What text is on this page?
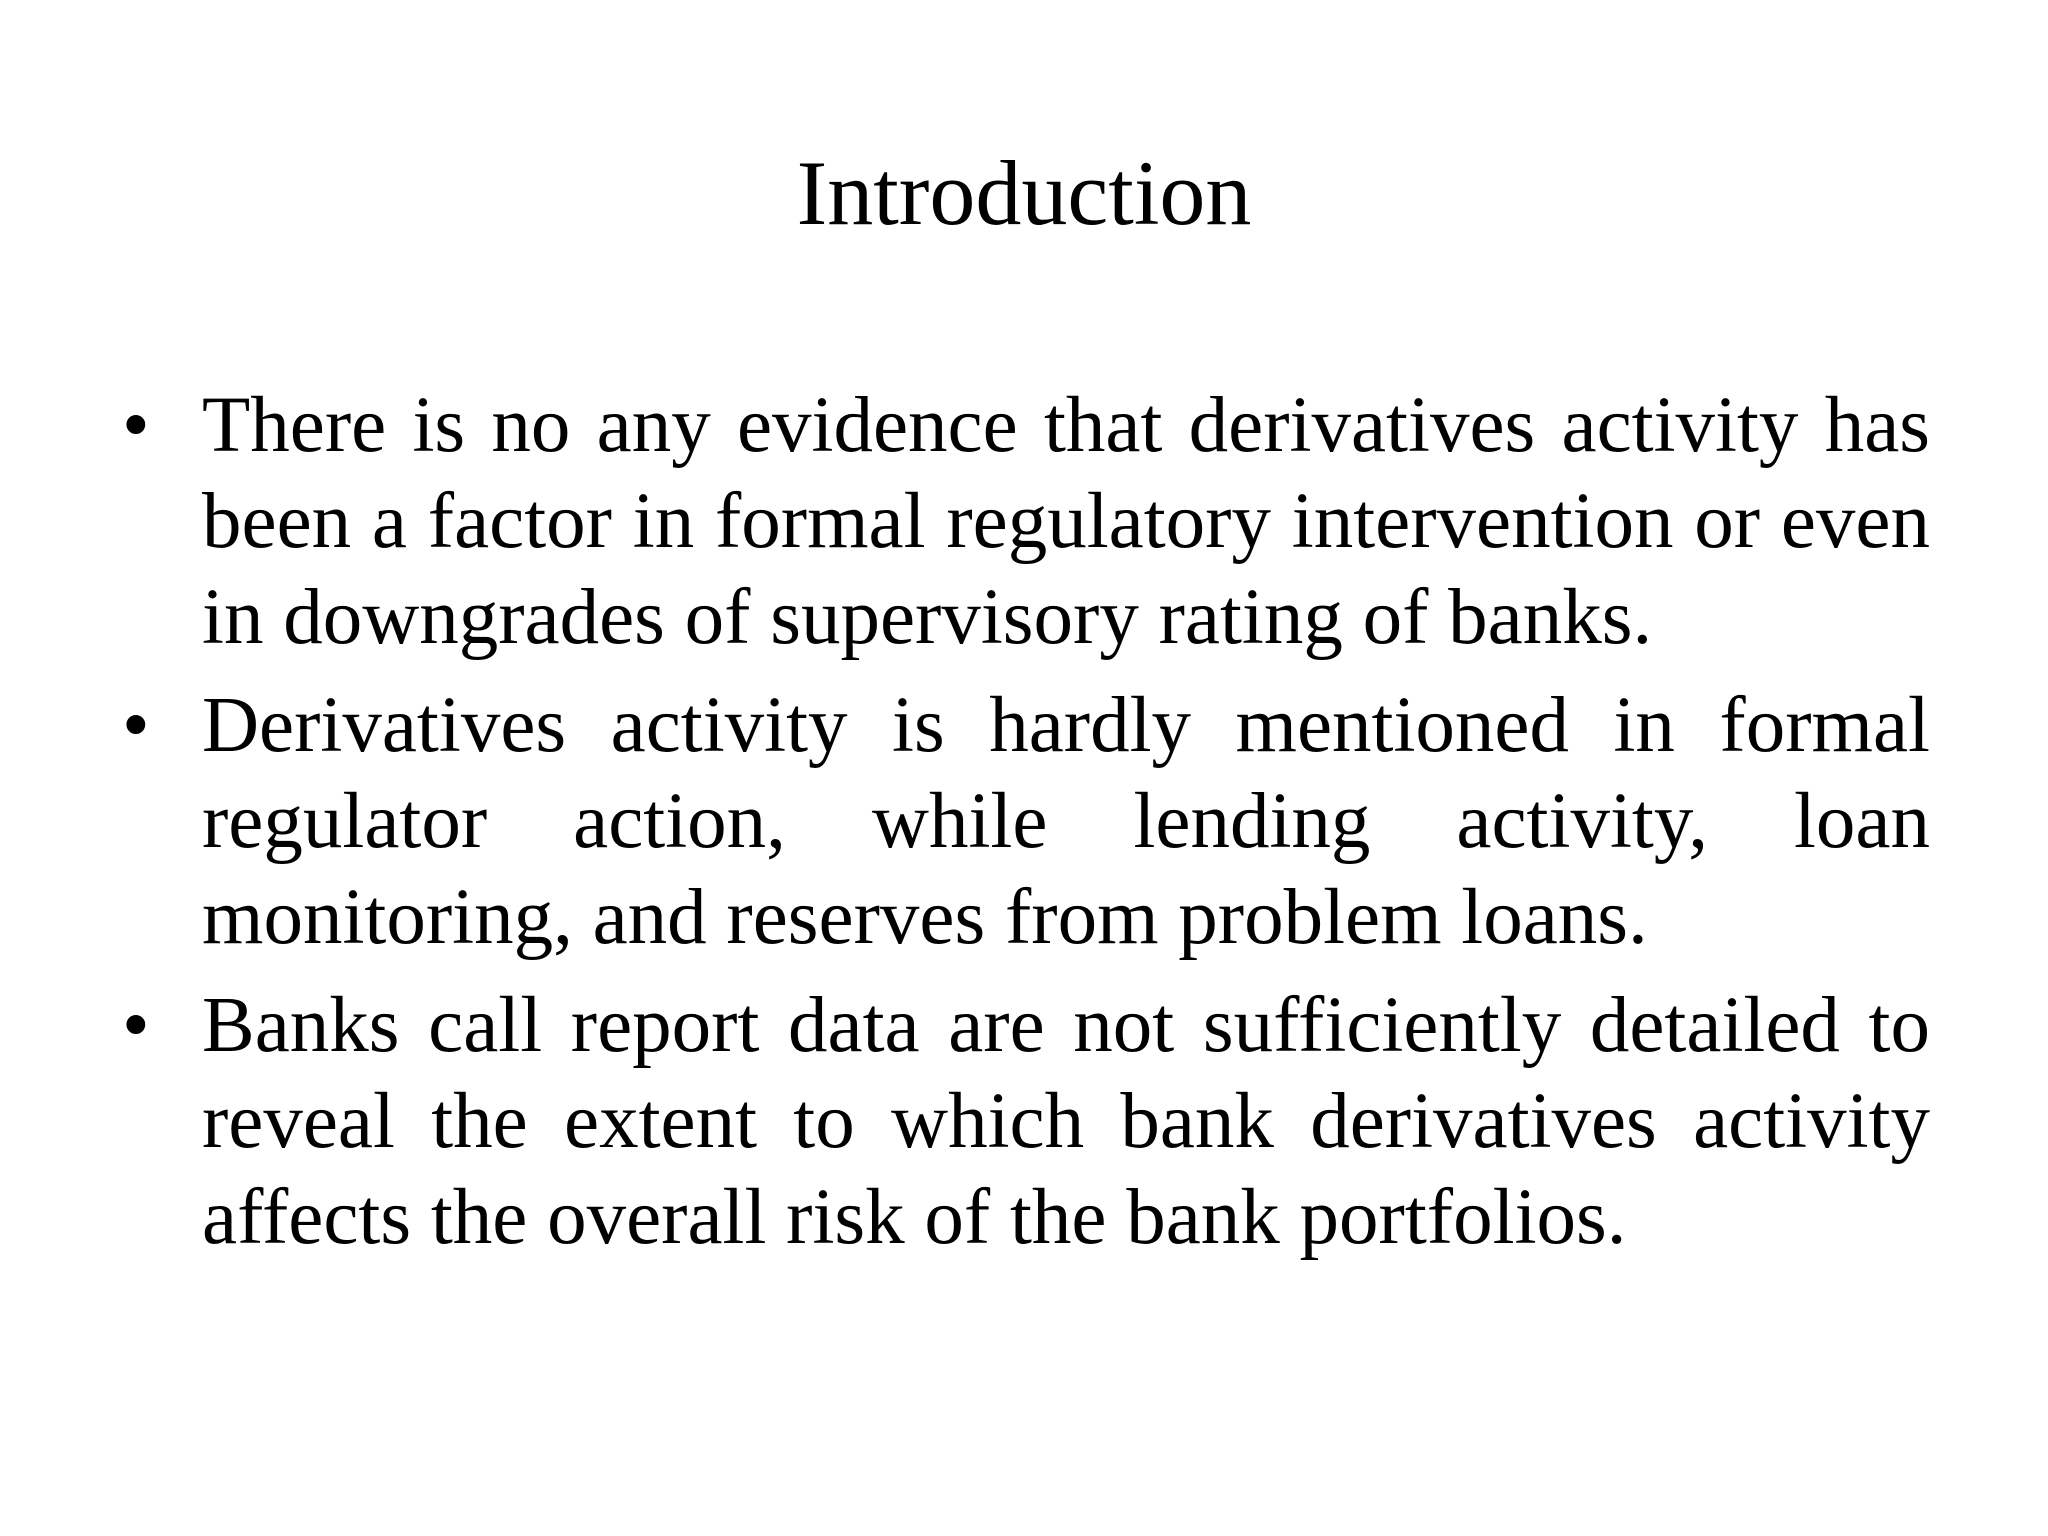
Introduction
• There is no any evidence that derivatives activity has been a factor in formal regulatory intervention or even in downgrades of supervisory rating of banks.
• Derivatives activity is hardly mentioned in formal regulator action, while lending activity, loan monitoring, and reserves from problem loans.
• Banks call report data are not sufficiently detailed to reveal the extent to which bank derivatives activity affects the overall risk of the bank portfolios.
